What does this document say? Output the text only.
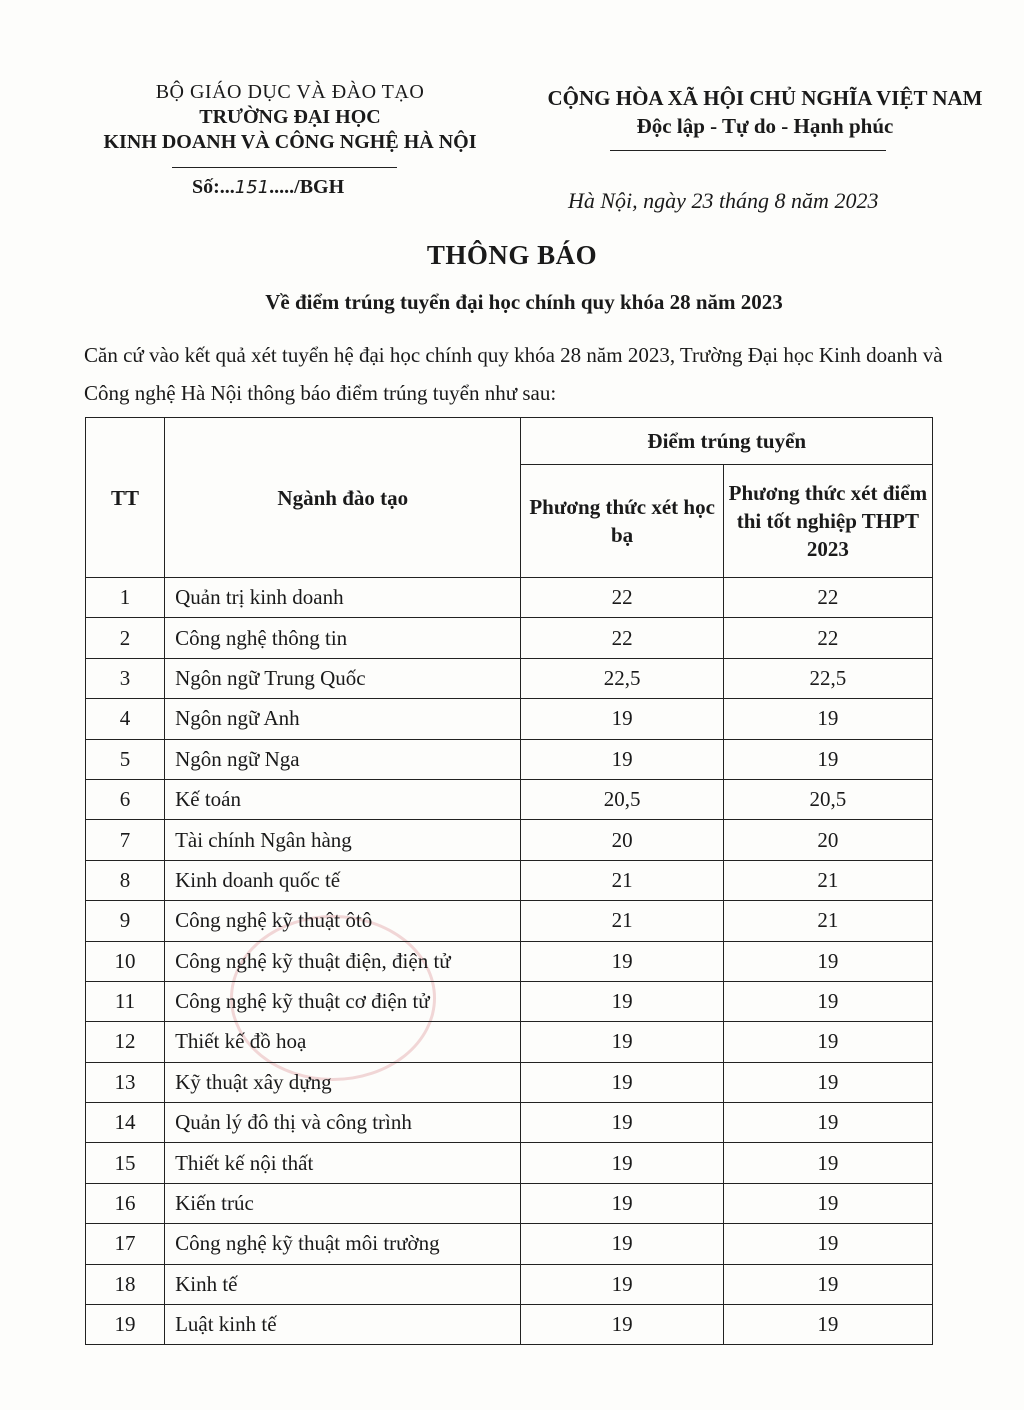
BỘ GIÁO DỤC VÀ ĐÀO TẠO
TRƯỜNG ĐẠI HỌC
KINH DOANH VÀ CÔNG NGHỆ HÀ NỘI
Số:...151...../BGH
CỘNG HÒA XÃ HỘI CHỦ NGHĨA VIỆT NAM
Độc lập - Tự do - Hạnh phúc
Hà Nội, ngày 23 tháng 8 năm 2023
THÔNG BÁO
Về điểm trúng tuyển đại học chính quy khóa 28 năm 2023
Căn cứ vào kết quả xét tuyển hệ đại học chính quy khóa 28 năm 2023, Trường Đại học Kinh doanh và Công nghệ Hà Nội thông báo điểm trúng tuyển như sau:
TT	Ngành đào tạo	Điểm trúng tuyển	
		Phương thức xét học bạ	Phương thức xét điểm thi tốt nghiệp THPT 2023
1	Quản trị kinh doanh	22	22
2	Công nghệ thông tin	22	22
3	Ngôn ngữ Trung Quốc	22,5	22,5
4	Ngôn ngữ Anh	19	19
5	Ngôn ngữ Nga	19	19
6	Kế toán	20,5	20,5
7	Tài chính Ngân hàng	20	20
8	Kinh doanh quốc tế	21	21
9	Công nghệ kỹ thuật ôtô	21	21
10	Công nghệ kỹ thuật điện, điện tử	19	19
11	Công nghệ kỹ thuật cơ điện tử	19	19
12	Thiết kế đồ hoạ	19	19
13	Kỹ thuật xây dựng	19	19
14	Quản lý đô thị và công trình	19	19
15	Thiết kế nội thất	19	19
16	Kiến trúc	19	19
17	Công nghệ kỹ thuật môi trường	19	19
18	Kinh tế	19	19
19	Luật kinh tế	19	19
